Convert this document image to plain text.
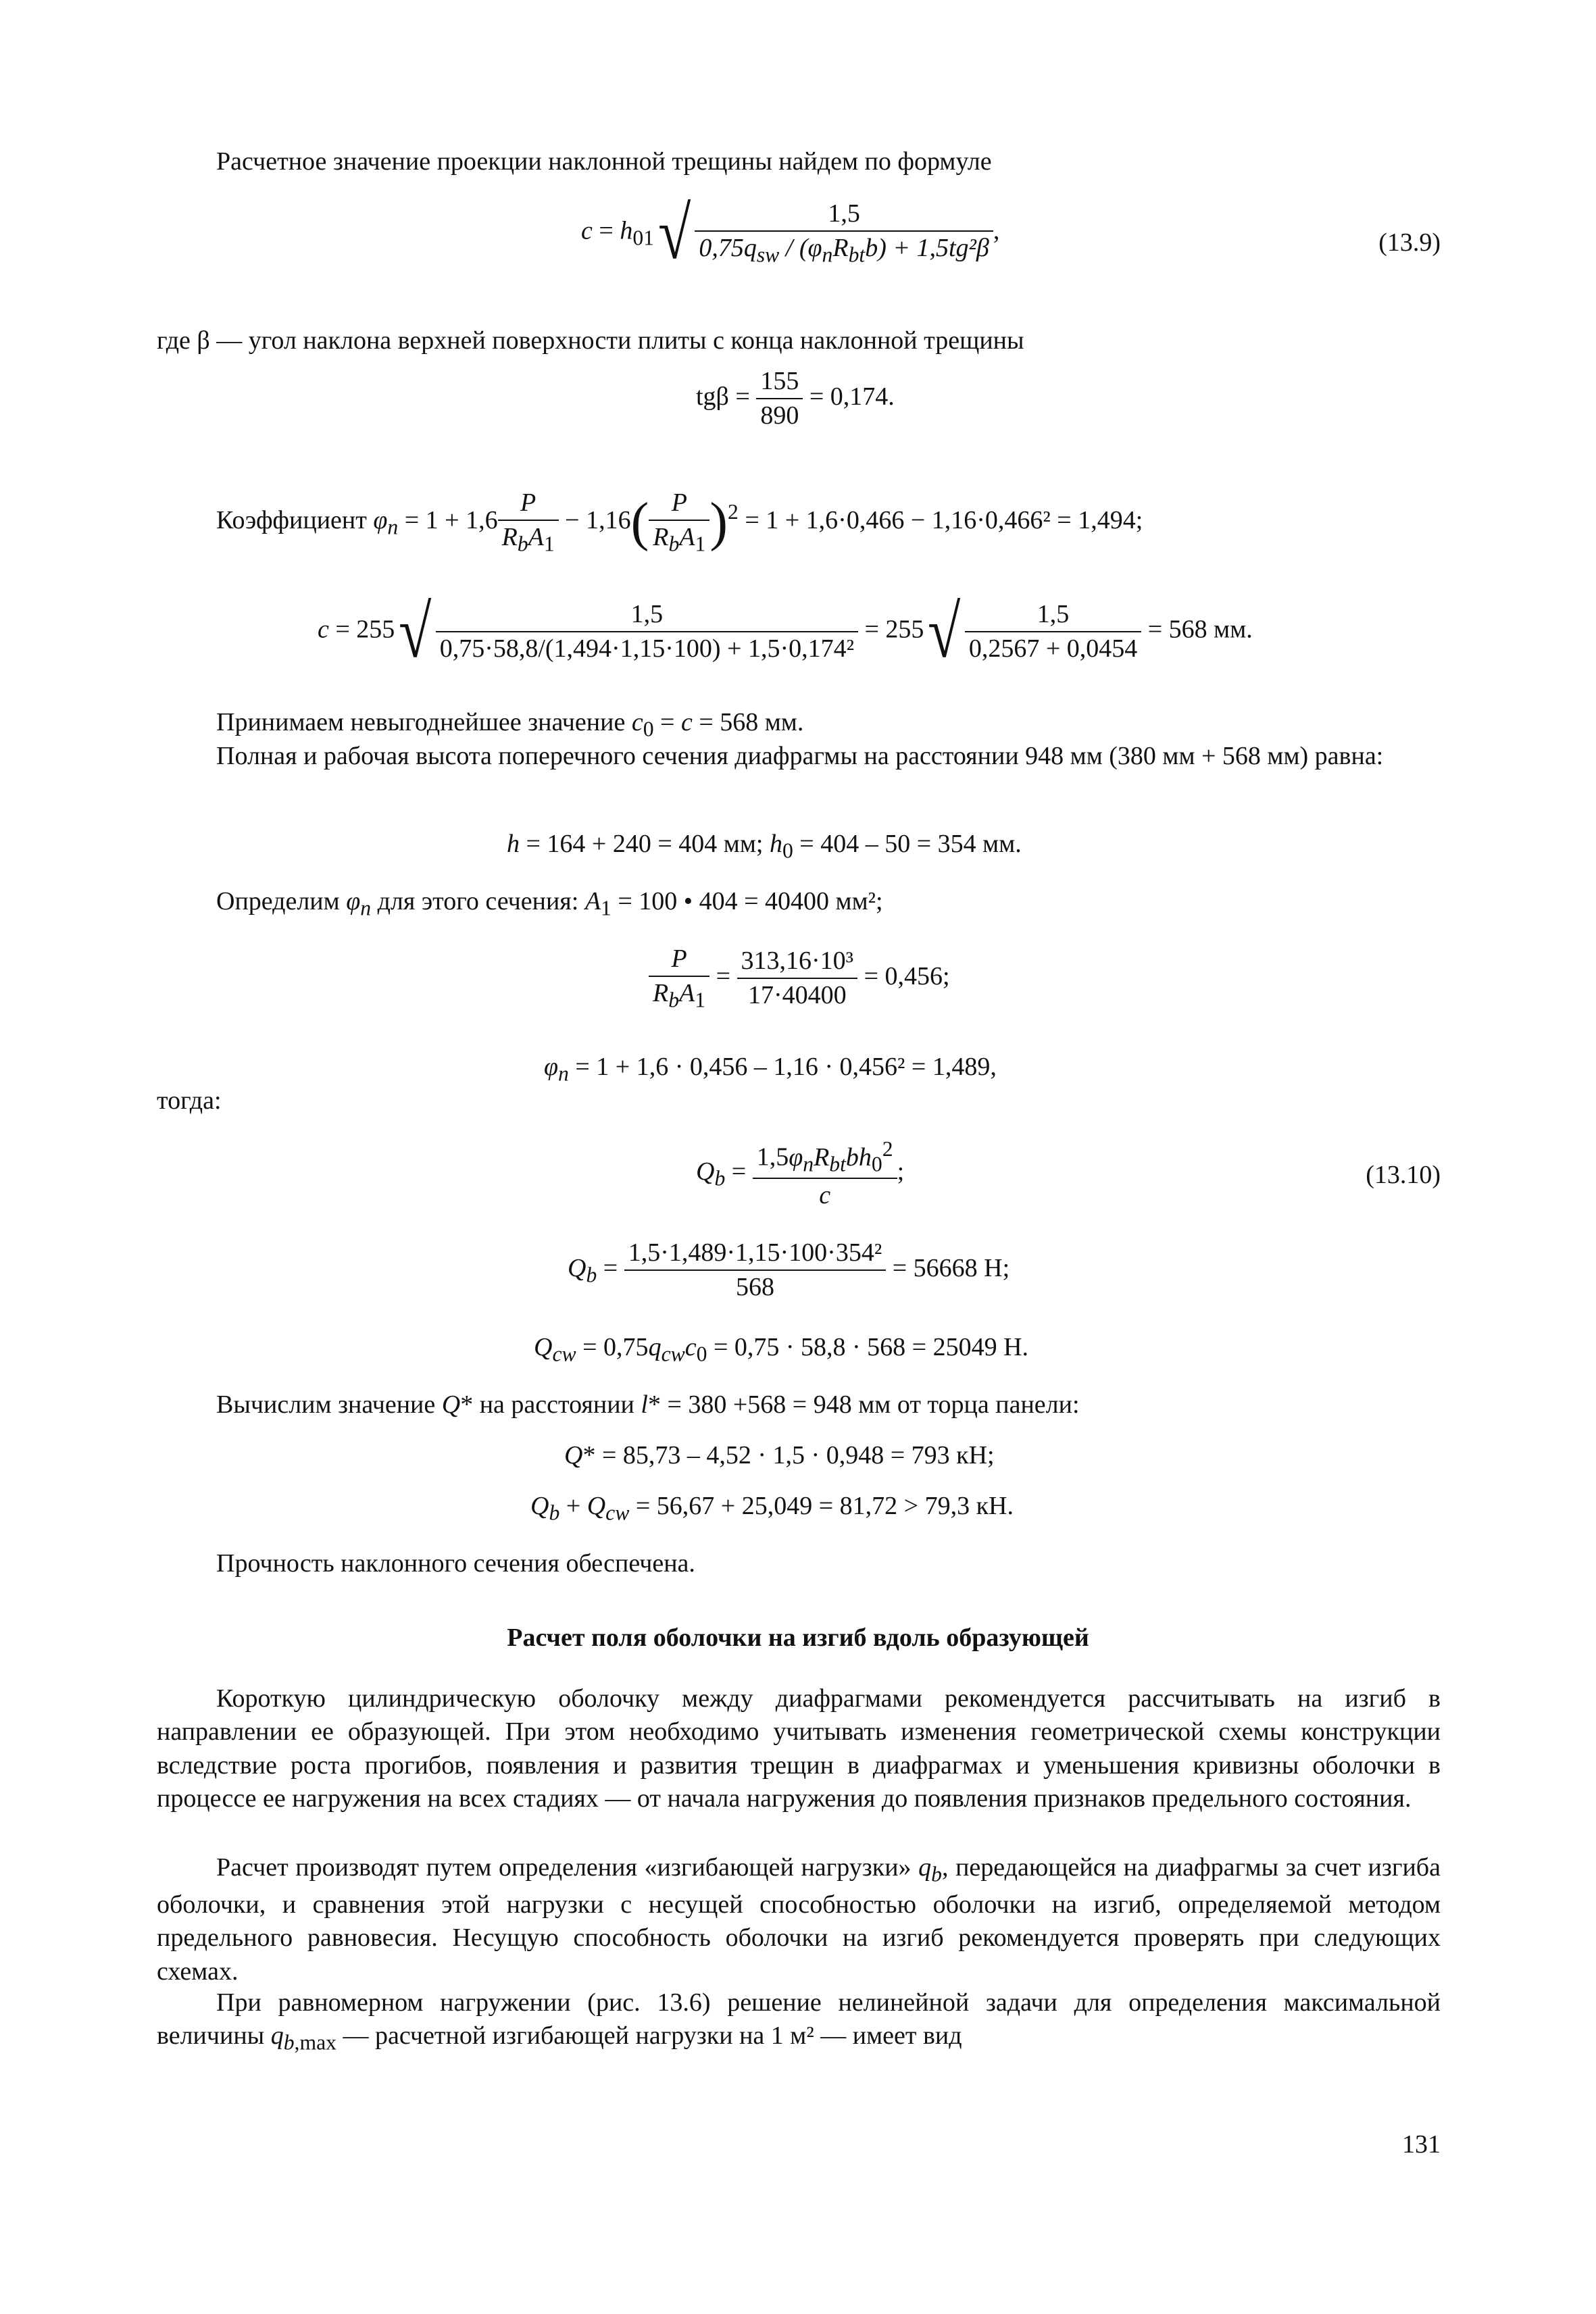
Расчетное значение проекции наклонной трещины найдем по формуле
$c = h_{01}√ \frac{1,5}{0,75q_{sw} / (\varphi_nR_{bt}b) + 1,5tg^2\beta}$ ,	(13.9)
где β — угол наклона верхней поверхности плиты с конца наклонной трещины
$tg\beta = \frac{155}{890} = 0,174$.
Коэффициент $\varphi_n = 1 + 1,6 \frac{P}{R_bA_1} - 1,16( \frac{P}{R_bA_1} )^2 = 1 + 1,6\cdot 0,466 - 1,16\cdot 0,466^2 = 1,494$;
$c = 255√ \frac{1,5}{\text{0,75·58,8/(1,494·1,15·100) + 1,5·0,174²}} = 255√ \frac{1,5}{0,2567 + 0,0454} = 568$ мм.
Принимаем невыгоднейшее значение $c_0 = c = 568$ мм.
Полная и рабочая высота поперечного сечения диафрагмы на расстоянии 948 мм (380 мм + 568 мм) равна:
h = 164 + 240 = 404 мм; $h_0 = 404 - 50 = 354$ мм.
Определим $\varphi_n$ для этого сечения: $A_1 = 100$ • 404 = 40400 мм²;
$\frac{P}{R_bA_1} = \frac{\text{313,16·10³}}{17\cdot 40400} = 0,456$;
$\varphi_n = 1 + 1,6 \cdot 0,456 - 1,16 \cdot 0,456^2 = 1,489$,
тогда:
$Q_b = \frac{1,5\varphi_nR_{bt}bh_0^2}{c}$ ;	(13.10)
$Q_b = \frac{\text{1,5·1,489·1,15·100·354²}}{568} = 56668$ Н;
$Q_{cw} = 0,75q_{cw}c_0 = 0,75 \cdot 58,8 \cdot 568 = 25049$ Н.
Вычислим значение Q* на расстоянии l* = 380 +568 = 948 мм от торца панели:
Q* = 85,73 – 4,52 · 1,5 · 0,948 = 793 кН;
$Q_b + Q_{cw} = 56,67 + 25,049 = 81,72 > 79,3$ кН.
Прочность наклонного сечения обеспечена.
Расчет поля оболочки на изгиб вдоль образующей
Короткую цилиндрическую оболочку между диафрагмами рекомендуется рассчитывать на изгиб в направлении ее образующей. При этом необходимо учитывать изменения геометрической схемы конструкции вследствие роста прогибов, появления и развития трещин в диафрагмах и уменьшения кривизны оболочки в процессе ее нагружения на всех стадиях — от начала нагружения до появления признаков предельного состояния.
Расчет производят путем определения «изгибающей нагрузки» $q_b$, передающейся на диафрагмы за счет изгиба оболочки, и сравнения этой нагрузки с несущей способностью оболочки на изгиб, определяемой методом предельного равновесия. Несущую способность оболочки на изгиб рекомендуется проверять при следующих схемах.
При равномерном нагружении (рис. 13.6) решение нелинейной задачи для определения максимальной величины $q_{b,max}$ — расчетной изгибающей нагрузки на 1 м² — имеет вид
131
